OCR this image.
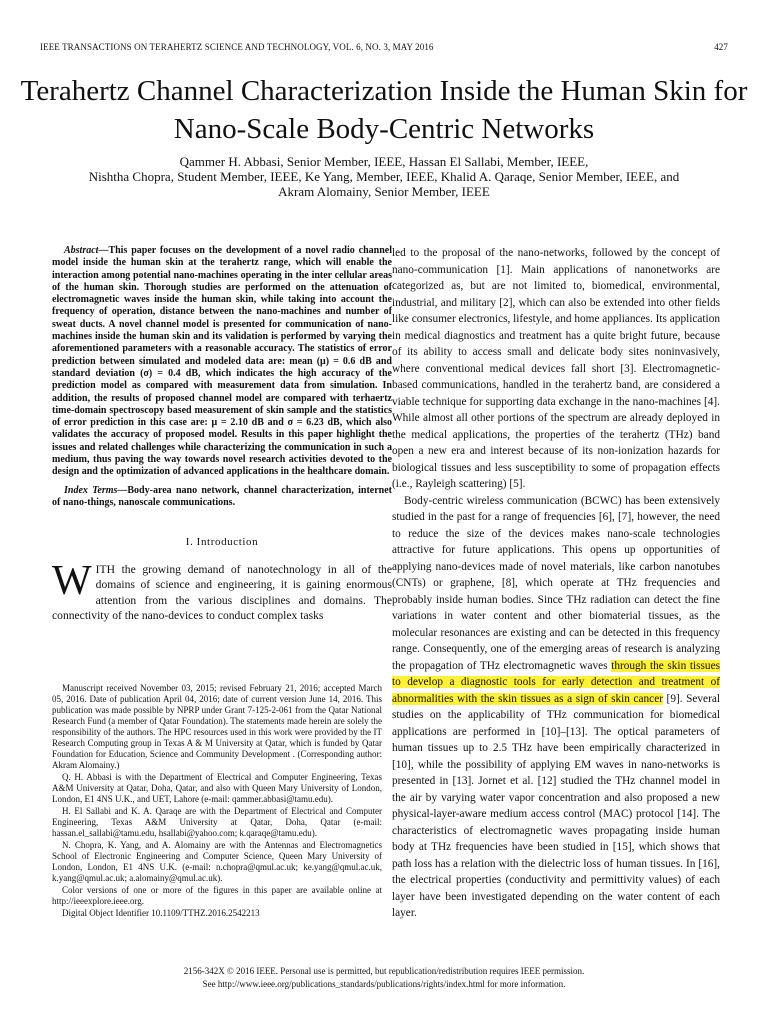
IEEE TRANSACTIONS ON TERAHERTZ SCIENCE AND TECHNOLOGY, VOL. 6, NO. 3, MAY 2016	427
Terahertz Channel Characterization Inside the Human Skin for Nano-Scale Body-Centric Networks
Qammer H. Abbasi, Senior Member, IEEE, Hassan El Sallabi, Member, IEEE,
Nishtha Chopra, Student Member, IEEE, Ke Yang, Member, IEEE, Khalid A. Qaraqe, Senior Member, IEEE, and
Akram Alomainy, Senior Member, IEEE

Abstract—This paper focuses on the development of a novel radio channel model inside the human skin at the terahertz range, which will enable the interaction among potential nano-machines operating in the inter cellular areas of the human skin. Thorough studies are performed on the attenuation of electromagnetic waves inside the human skin, while taking into account the frequency of operation, distance between the nano-machines and number of sweat ducts. A novel channel model is presented for communication of nano-machines inside the human skin and its validation is performed by varying the aforementioned parameters with a reasonable accuracy. The statistics of error prediction between simulated and modeled data are: mean (μ) = 0.6 dB and standard deviation (σ) = 0.4 dB, which indicates the high accuracy of the prediction model as compared with measurement data from simulation. In addition, the results of proposed channel model are compared with terhaertz time-domain spectroscopy based measurement of skin sample and the statistics of error prediction in this case are: μ = 2.10 dB and σ = 6.23 dB, which also validates the accuracy of proposed model. Results in this paper highlight the issues and related challenges while characterizing the communication in such a medium, thus paving the way towards novel research activities devoted to the design and the optimization of advanced applications in the healthcare domain.

Index Terms—Body-area nano network, channel characterization, internet of nano-things, nanoscale communications.

I. Introduction

WITH the growing demand of nanotechnology in all of the domains of science and engineering, it is gaining enormous attention from the various disciplines and domains. The connectivity of the nano-devices to conduct complex tasks

Manuscript received November 03, 2015; revised February 21, 2016; accepted March 05, 2016. Date of publication April 04, 2016; date of current version June 14, 2016. This publication was made possible by NPRP under Grant 7-125-2-061 from the Qatar National Research Fund (a member of Qatar Foundation). The statements made herein are solely the responsibility of the authors. The HPC resources used in this work were provided by the IT Research Computing group in Texas A & M University at Qatar, which is funded by Qatar Foundation for Education, Science and Community Development . (Corresponding author: Akram Alomainy.)

Q. H. Abbasi is with the Department of Electrical and Computer Engineering, Texas A&M University at Qatar, Doha, Qatar, and also with Queen Mary University of London, London, E1 4NS U.K., and UET, Lahore (e-mail: qammer.abbasi@tamu.edu).

H. El Sallabi and K. A. Qaraqe are with the Department of Electrical and Computer Engineering, Texas A&M University at Qatar, Doha, Qatar (e-mail: hassan.el_sallabi@tamu.edu, hsallabi@yahoo.com; k.qaraqe@tamu.edu).

N. Chopra, K. Yang, and A. Alomainy are with the Antennas and Electromagnetics School of Electronic Engineering and Computer Science, Queen Mary University of London, London, E1 4NS U.K. (e-mail: n.chopra@qmul.ac.uk; ke.yang@qmul.ac.uk, k.yang@qmul.ac.uk; a.alomainy@qmul.ac.uk).

Color versions of one or more of the figures in this paper are available online at http://ieeexplore.ieee.org.

Digital Object Identifier 10.1109/TTHZ.2016.2542213

led to the proposal of the nano-networks, followed by the concept of nano-communication [1]. Main applications of nanonetworks are categorized as, but are not limited to, biomedical, environmental, industrial, and military [2], which can also be extended into other fields like consumer electronics, lifestyle, and home appliances. Its application in medical diagnostics and treatment has a quite bright future, because of its ability to access small and delicate body sites noninvasively, where conventional medical devices fall short [3]. Electromagnetic-based communications, handled in the terahertz band, are considered a viable technique for supporting data exchange in the nano-machines [4]. While almost all other portions of the spectrum are already deployed in the medical applications, the properties of the terahertz (THz) band open a new era and interest because of its non-ionization hazards for biological tissues and less susceptibility to some of propagation effects (i.e., Rayleigh scattering) [5].

Body-centric wireless communication (BCWC) has been extensively studied in the past for a range of frequencies [6], [7], however, the need to reduce the size of the devices makes nano-scale technologies attractive for future applications. This opens up opportunities of applying nano-devices made of novel materials, like carbon nanotubes (CNTs) or graphene, [8], which operate at THz frequencies and probably inside human bodies. Since THz radiation can detect the fine variations in water content and other biomaterial tissues, as the molecular resonances are existing and can be detected in this frequency range. Consequently, one of the emerging areas of research is analyzing the propagation of THz electromagnetic waves through the skin tissues to develop a diagnostic tools for early detection and treatment of abnormalities with the skin tissues as a sign of skin cancer [9]. Several studies on the applicability of THz communication for biomedical applications are performed in [10]–[13]. The optical parameters of human tissues up to 2.5 THz have been empirically characterized in [10], while the possibility of applying EM waves in nano-networks is presented in [13]. Jornet et al. [12] studied the THz channel model in the air by varying water vapor concentration and also proposed a new physical-layer-aware medium access control (MAC) protocol [14]. The characteristics of electromagnetic waves propagating inside human body at THz frequencies have been studied in [15], which shows that path loss has a relation with the dielectric loss of human tissues. In [16], the electrical properties (conductivity and permittivity values) of each layer have been investigated depending on the water content of each layer.

2156-342X © 2016 IEEE. Personal use is permitted, but republication/redistribution requires IEEE permission.
See http://www.ieee.org/publications_standards/publications/rights/index.html for more information.
